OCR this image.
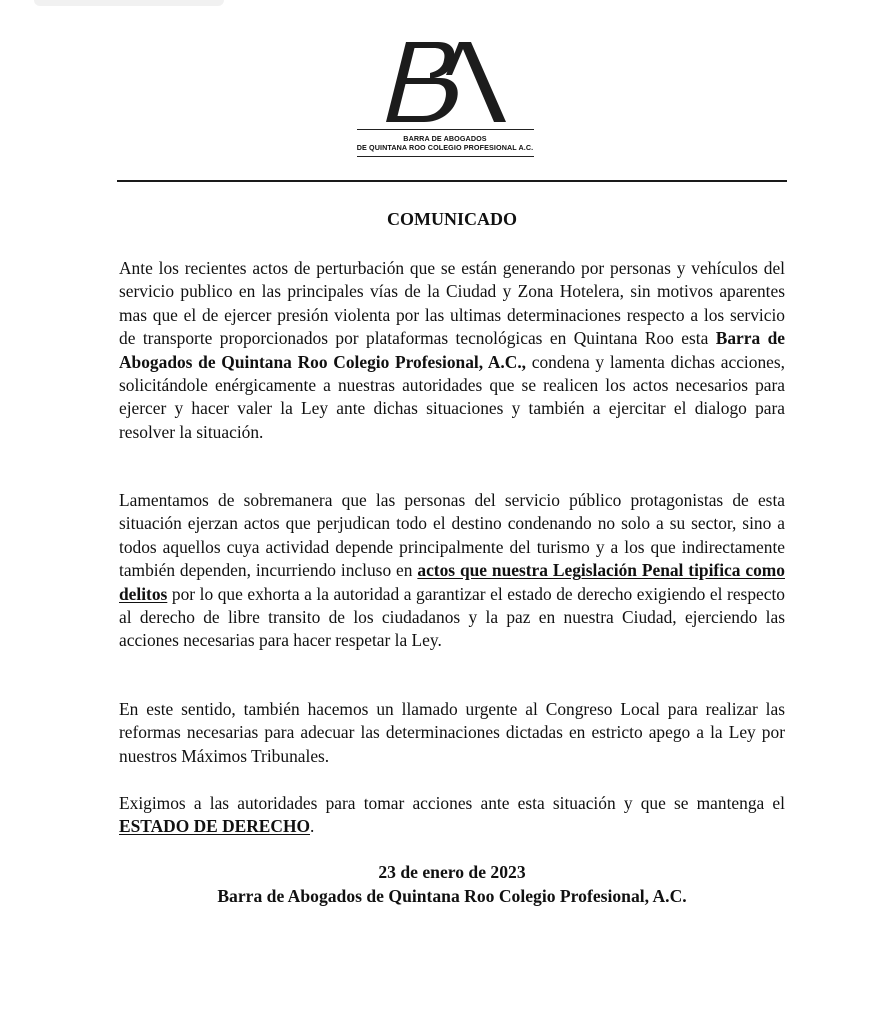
BARRA DE ABOGADOS
DE QUINTANA ROO COLEGIO PROFESIONAL A.C.
COMUNICADO
Ante los recientes actos de perturbación que se están generando por personas y vehículos del servicio publico en las principales vías de la Ciudad y Zona Hotelera, sin motivos aparentes mas que el de ejercer presión violenta por las ultimas determinaciones respecto a los servicio de transporte proporcionados por plataformas tecnológicas en Quintana Roo esta Barra de Abogados de Quintana Roo Colegio Profesional, A.C., condena y lamenta dichas acciones, solicitándole enérgicamente a nuestras autoridades que se realicen los actos necesarios para ejercer y hacer valer la Ley ante dichas situaciones y también a ejercitar el dialogo para resolver la situación.
Lamentamos de sobremanera que las personas del servicio público protagonistas de esta situación ejerzan actos que perjudican todo el destino condenando no solo a su sector, sino a todos aquellos cuya actividad depende principalmente del turismo y a los que indirectamente también dependen, incurriendo incluso en actos que nuestra Legislación Penal tipifica como delitos por lo que exhorta a la autoridad a garantizar el estado de derecho exigiendo el respecto al derecho de libre transito de los ciudadanos y la paz en nuestra Ciudad, ejerciendo las acciones necesarias para hacer respetar la Ley.
En este sentido, también hacemos un llamado urgente al Congreso Local para realizar las reformas necesarias para adecuar las determinaciones dictadas en estricto apego a la Ley por nuestros Máximos Tribunales.
Exigimos a las autoridades para tomar acciones ante esta situación y que se mantenga el ESTADO DE DERECHO.
23 de enero de 2023
Barra de Abogados de Quintana Roo Colegio Profesional, A.C.
